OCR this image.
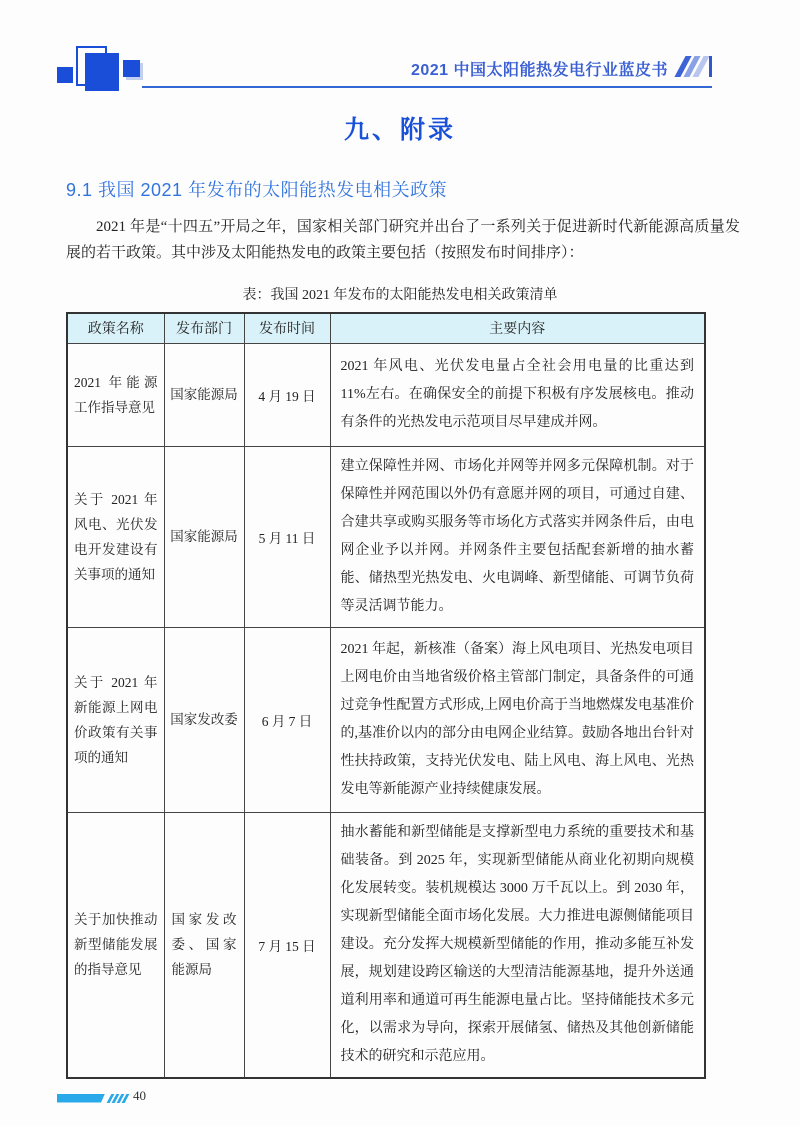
2021 中国太阳能热发电行业蓝皮书
九、附录
9.1 我国 2021 年发布的太阳能热发电相关政策

2021 年是“十四五”开局之年，国家相关部门研究并出台了一系列关于促进新时代新能源高质量发展的若干政策。其中涉及太阳能热发电的政策主要包括（按照发布时间排序）：

表：我国 2021 年发布的太阳能热发电相关政策清单
政策名称	发布部门	发布时间	主要内容
2021 年能源工作指导意见	国家能源局	4 月 19 日	2021 年风电、光伏发电量占全社会用电量的比重达到 11%左右。在确保安全的前提下积极有序发展核电。推动有条件的光热发电示范项目尽早建成并网。
关于 2021 年风电、光伏发电开发建设有关事项的通知	国家能源局	5 月 11 日	建立保障性并网、市场化并网等并网多元保障机制。对于保障性并网范围以外仍有意愿并网的项目，可通过自建、合建共享或购买服务等市场化方式落实并网条件后，由电网企业予以并网。并网条件主要包括配套新增的抽水蓄能、储热型光热发电、火电调峰、新型储能、可调节负荷等灵活调节能力。
关于 2021 年新能源上网电价政策有关事项的通知	国家发改委	6 月 7 日	2021 年起，新核准（备案）海上风电项目、光热发电项目上网电价由当地省级价格主管部门制定，具备条件的可通过竞争性配置方式形成,上网电价高于当地燃煤发电基准价的,基准价以内的部分由电网企业结算。鼓励各地出台针对性扶持政策，支持光伏发电、陆上风电、海上风电、光热发电等新能源产业持续健康发展。
关于加快推动新型储能发展的指导意见	国家发改委、国家能源局	7 月 15 日	抽水蓄能和新型储能是支撑新型电力系统的重要技术和基础装备。到 2025 年，实现新型储能从商业化初期向规模化发展转变。装机规模达 3000 万千瓦以上。到 2030 年，实现新型储能全面市场化发展。大力推进电源侧储能项目建设。充分发挥大规模新型储能的作用，推动多能互补发展，规划建设跨区输送的大型清洁能源基地，提升外送通道利用率和通道可再生能源电量占比。坚持储能技术多元化，以需求为导向，探索开展储氢、储热及其他创新储能技术的研究和示范应用。
40
